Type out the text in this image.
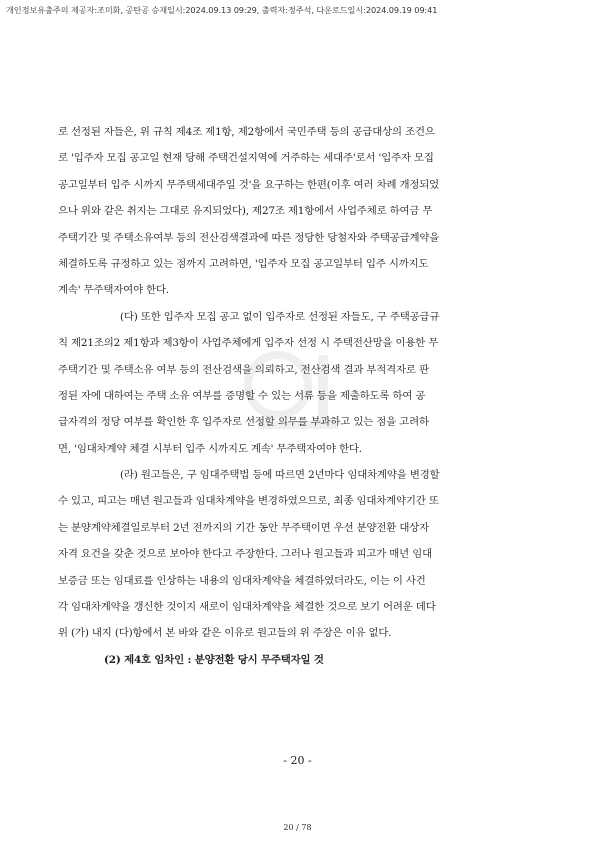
개인정보유출주의 제공자:조미화, 공탄공 승재일시:2024.09.13 09:29, 출력자:정주석, 다운로드일시:2024.09.19 09:41
로 선정된 자들은, 위 규칙 제4조 제1항, 제2항에서 국민주택 등의 공급대상의 조건으
로 '입주자 모집 공고일 현재 당해 주택건설지역에 거주하는 세대주'로서 '입주자 모집
공고일부터 입주 시까지 무주택세대주일 것'을 요구하는 한편(이후 여러 차례 개정되었
으나 위와 같은 취지는 그대로 유지되었다), 제27조 제1항에서 사업주체로 하여금 무
주택기간 및 주택소유여부 등의 전산검색결과에 따른 정당한 당첨자와 주택공급계약을
체결하도록 규정하고 있는 점까지 고려하면, '입주자 모집 공고일부터 입주 시까지도
계속' 무주택자여야 한다.
(다) 또한 입주자 모집 공고 없이 입주자로 선정된 자들도, 구 주택공급규
칙 제21조의2 제1항과 제3항이 사업주체에게 입주자 선정 시 주택전산망을 이용한 무
주택기간 및 주택소유 여부 등의 전산검색을 의뢰하고, 전산검색 결과 부적격자로 판
정된 자에 대하여는 주택 소유 여부를 증명할 수 있는 서류 등을 제출하도록 하여 공
급자격의 정당 여부를 확인한 후 입주자로 선정할 의무를 부과하고 있는 점을 고려하
면, '임대차계약 체결 시부터 입주 시까지도 계속' 무주택자여야 한다.
(라) 원고들은, 구 임대주택법 등에 따르면 2년마다 임대차계약을 변경할
수 있고, 피고는 매년 원고들과 임대차계약을 변경하였으므로, 최종 임대차계약기간 또
는 분양계약체결일로부터 2년 전까지의 기간 동안 무주택이면 우선 분양전환 대상자
자격 요건을 갖춘 것으로 보아야 한다고 주장한다. 그러나 원고들과 피고가 매년 임대
보증금 또는 임대료를 인상하는 내용의 임대차계약을 체결하였더라도, 이는 이 사건
각 임대차계약을 갱신한 것이지 새로이 임대차계약을 체결한 것으로 보기 어려운 데다
위 (가) 내지 (다)항에서 본 바와 같은 이유로 원고들의 위 주장은 이유 없다.
(2) 제4호 임차인 : 분양전환 당시 무주택자일 것
- 20 -
20 / 78
